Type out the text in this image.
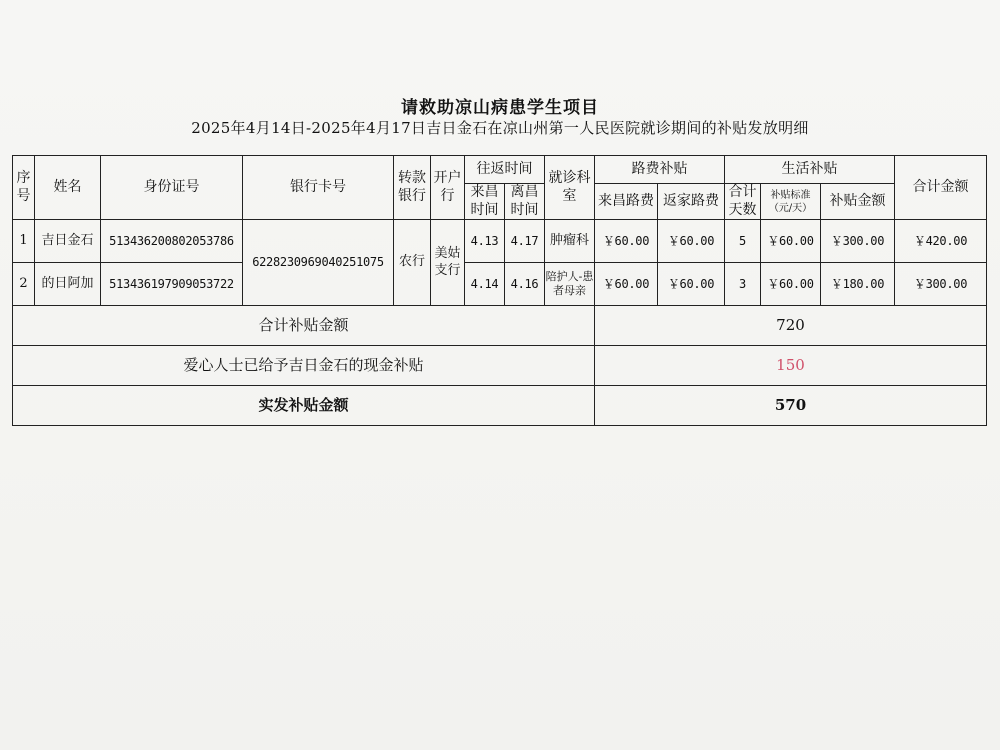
请救助凉山病患学生项目
2025年4月14日-2025年4月17日吉日金石在凉山州第一人民医院就诊期间的补贴发放明细
序号	姓名	身份证号	银行卡号	转款银行	开户行	往返时间		就诊科室	路费补贴		生活补贴			合计金额
						来昌时间	离昌时间		来昌路费	返家路费	合计天数	补贴标准（元/天）	补贴金额	
1	吉日金石	513436200802053786	6228230969040251075	农行	美姑支行	4.13	4.17	肿瘤科	￥60.00	￥60.00	5	￥60.00	￥300.00	￥420.00
2	的日阿加	513436197909053722				4.14	4.16	陪护人-患者母亲	￥60.00	￥60.00	3	￥60.00	￥180.00	￥300.00
合计补贴金额									720					
爱心人士已给予吉日金石的现金补贴									150					
实发补贴金额									570					
